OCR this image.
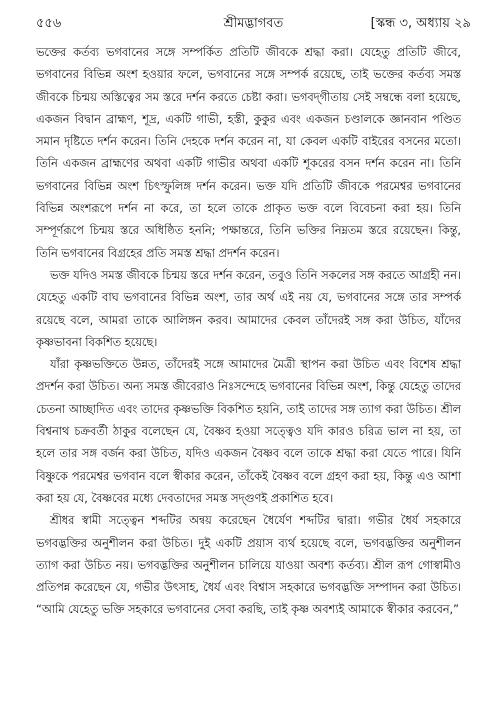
৫৫৬	শ্রীমদ্ভাগবত	[স্কন্ধ ৩, অধ্যায় ২৯

ভক্তের কর্তব্য ভগবানের সঙ্গে সম্পর্কিত প্রতিটি জীবকে শ্রদ্ধা করা। যেহেতু প্রতিটি জীবে, ভগবানের বিভিন্ন অংশ হওয়ার ফলে, ভগবানের সঙ্গে সম্পর্ক রয়েছে, তাই ভক্তের কর্তব্য সমস্ত জীবকে চিন্ময় অস্তিত্বের সম স্তরে দর্শন করতে চেষ্টা করা। ভগবদ্‌গীতায় সেই সম্বন্ধে বলা হয়েছে, একজন বিদ্বান ব্রাহ্মণ, শূদ্র, একটি গাভী, হস্তী, কুকুর এবং একজন চণ্ডালকে জ্ঞানবান পণ্ডিত সমান দৃষ্টিতে দর্শন করেন। তিনি দেহকে দর্শন করেন না, যা কেবল একটি বাইরের বসনের মতো। তিনি একজন ব্রাহ্মণের অথবা একটি গাভীর অথবা একটি শূকরের বসন দর্শন করেন না। তিনি ভগবানের বিভিন্ন অংশ চিৎস্ফুলিঙ্গ দর্শন করেন। ভক্ত যদি প্রতিটি জীবকে পরমেশ্বর ভগবানের বিভিন্ন অংশরূপে দর্শন না করে, তা হলে তাকে প্রাকৃত ভক্ত বলে বিবেচনা করা হয়। তিনি সম্পূর্ণরূপে চিন্ময় স্তরে অধিষ্ঠিত হননি; পক্ষান্তরে, তিনি ভক্তির নিম্নতম স্তরে রয়েছেন। কিন্তু, তিনি ভগবানের বিগ্রহের প্রতি সমস্ত শ্রদ্ধা প্রদর্শন করেন।

ভক্ত যদিও সমস্ত জীবকে চিন্ময় স্তরে দর্শন করেন, তবুও তিনি সকলের সঙ্গ করতে আগ্রহী নন। যেহেতু একটি বাঘ ভগবানের বিভিন্ন অংশ, তার অর্থ এই নয় যে, ভগবানের সঙ্গে তার সম্পর্ক রয়েছে বলে, আমরা তাকে আলিঙ্গন করব। আমাদের কেবল তাঁদেরই সঙ্গ করা উচিত, যাঁদের কৃষ্ণভাবনা বিকশিত হয়েছে।

যাঁরা কৃষ্ণভক্তিতে উন্নত, তাঁদেরই সঙ্গে আমাদের মৈত্রী স্থাপন করা উচিত এবং বিশেষ শ্রদ্ধা প্রদর্শন করা উচিত। অন্য সমস্ত জীবেরাও নিঃসন্দেহে ভগবানের বিভিন্ন অংশ, কিন্তু যেহেতু তাদের চেতনা আচ্ছাদিত এবং তাদের কৃষ্ণভক্তি বিকশিত হয়নি, তাই তাদের সঙ্গ ত্যাগ করা উচিত। শ্রীল বিশ্বনাথ চক্রবর্তী ঠাকুর বলেছেন যে, বৈষ্ণব হওয়া সত্ত্বেও যদি কারও চরিত্র ভাল না হয়, তা হলে তার সঙ্গ বর্জন করা উচিত, যদিও একজন বৈষ্ণব বলে তাকে শ্রদ্ধা করা যেতে পারে। যিনি বিষ্ণুকে পরমেশ্বর ভগবান বলে স্বীকার করেন, তাঁকেই বৈষ্ণব বলে গ্রহণ করা হয়, কিন্তু এও আশা করা হয় যে, বৈষ্ণবের মধ্যে দেবতাদের সমস্ত সদ্‌গুণই প্রকাশিত হবে।

শ্রীধর স্বামী সত্ত্বেন শব্দটির অন্বয় করেছেন ধৈর্যেণ শব্দটির দ্বারা। গভীর ধৈর্য সহকারে ভগবদ্ভক্তির অনুশীলন করা উচিত। দুই একটি প্রয়াস ব্যর্থ হয়েছে বলে, ভগবদ্ভক্তির অনুশীলন ত্যাগ করা উচিত নয়। ভগবদ্ভক্তির অনুশীলন চালিয়ে যাওয়া অবশ্য কর্তব্য। শ্রীল রূপ গোস্বামীও প্রতিপন্ন করেছেন যে, গভীর উৎসাহ, ধৈর্য এবং বিশ্বাস সহকারে ভগবদ্ভক্তি সম্পাদন করা উচিত। “আমি যেহেতু ভক্তি সহকারে ভগবানের সেবা করছি, তাই কৃষ্ণ অবশ্যই আমাকে স্বীকার করবেন,”
